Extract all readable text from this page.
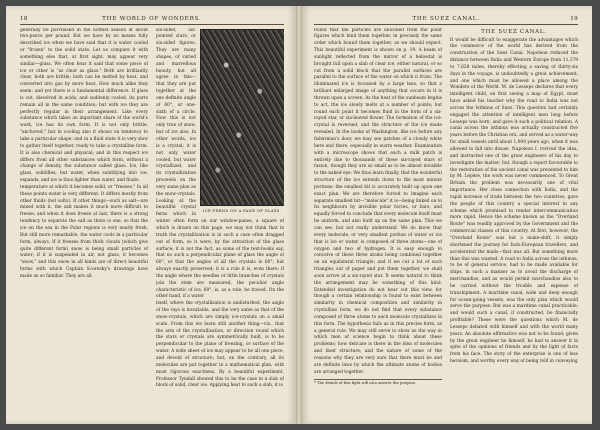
18	THE WORLD OF WONDERS.

generally be purchased in the hottest season at about two-pence per pound. But we have by no means fully described ice when we have said that it is water cooled or "frozen" to the solid state. Let us compare it with something else that, at first sight, may appear very similar—glass. We often hear it said that some piece of ice or other is "as clear as glass." Both are brilliantly clear; both are brittle; both can be melted by heat, and converted into gas by more heat. How much alike they seem; and yet there is a fundamental difference. If glass is cut, dissolved in acids, and suddenly cooled, its parts remain all in the same condition; but with ice they are perfectly regular in their arrangement. Like every substance which takes an important share of the world's work, ice has its own form. It is not only brittle, "anchored," but in cooling also it shows on tendency to take a particular shape; and in a fluid state it is very slow to gather itself together, ready to take a crystalline form. It is also chemical and physical; and in this respect ice differs from all other substances which form, without a change of density, the substance called glass. Ice, like glass, solidifies; but water, when solidifying into ice, expands; and ice is thus lighter than water, and floats.

temperature at which it becomes solid, or "freezes." In all these points water is very different. It differs mostly from other fluids (not salts). If other things—such as salt—are mixed with it, the salt makes it much more difficult to freeze; and when it does freeze at last, there is a strong tendency to separate the salt as there is one, so that the ice on the sea in the Polar regions is very nearly fresh. But still more remarkable, the water cools in a particular form, always. If it freezes from thick clouds (which give quite different form) snow is being small particles of water; if it is suspended in air, not glass, it becomes "snow," and this snow in all kinds are of direct beautiful forms with which Captain Scoresby's drawings have made us so familiar. They are all

ICE-FERNS ON A PANE OF GLASS.
six-sided, six-pointed stars, or six-sided figures. They are many shapes, of varied and marvellous beauty, but all agree in this—that they are put together at the one definite angle of 60°, or one-sixth of a circle. Now this is not only true of snow, but of ice also. In other words, ice is a crystal; it is not only water cooled, but water crystallized, and its crystallization proceeds on the very same plan as the snow-crystals. Looking at the beautiful crystal ferns which in winter often form on our window-panes, a square of which is drawn on this page, we may not think that in truth the crystallization is in such a case often dragged out of form, so it were, by the attraction of the glass surface; it is not the fact, as some of the text-books say, that no such a perpendicular plane of glass the angle of 60°, or that the angles of all the crystals is 60°; but always exactly preserved; it is a rule it is, even there: if the angle where the needles or little branches of crystals join the stem are measured, the peculiar angle characteristic of ice, 60°, is, as a rule, be traced. On the other hand, if a water

itself, where the crystallisation is undisturbed, the angle of the rays is invariable, and the very same as that of the snow-crystals, which are simply ice-crystals on a small scale. From this we learn still another thing—viz., that the arm of the crystallisation, or direction round which the stars or crystals are symmetrically built, is to be perpendicular to the plane of freezing, or surface of the water. A wide sheet of ice may appear to be all one piece, and devoid of structure; but, on the contrary, all its molecules are put together in a mathematical plan, with most rigorous exactness. By a beautiful experiment, Professor Tyndall showed this to be the case in a slab of block of solid, clear ice. Applying heat to such a slab, it is

THE SUEZ CANAL.	19

found that the particles are unlocked from the polar figures which bind them together, in precisely the same order which bound them together, as we should expect. This beautiful experiment is shown on p. 19. A beam of sunlight reflected from the mirror of a heliostat is brought full upon a slab of clear ice, either natural, or so cut from a solid block that the parallel surfaces are parallel to the surface of the water on which it froze. The illuminated ice is focussed by a large lens, so that a brilliant enlarged image of anything that occurs in it is thrown upon a screen. As the heat of the sunbeam begins to act, the ice slowly melts at a number of points; but round each point it becomes fluid in the form of a six-rayed star, or six-leaved flower. The formation of the ice-crystal is reversed, and the structure of the ice made revealed. In the books of Washington, like ice before any fisherman's door, we may see patches of a cloudy white here and there, especially in warm weather. Examination with a microscope shows that each a milk patch is entirely due to thousands of these six-rayed stars of fusion, though they are so small as to be almost invisible to the naked eye. We thus learn finally, that the wonderful structure of the ice extends down to the most minute portions: the smallest bit is accurately built up upon one exact plan. We are therefore forced to imagine each separate smallest bit—"molecule" it is—being linked on to its neighbours by invisible polar forces, or bars; and equally forced to conclude that every molecule itself must be uniform, and also built up on the same plan. This we can see, but not really understand. We do know that every molecule, or very smallest portion of water or ice that is ice or water, is composed of three atoms—one of oxygen and two of hydrogen. It is easy enough to conceive of these three atoms being combined together on an equilateral triangle; and if we cut a lot of such triangles out of paper and put them together, we shall soon arrive at a six-rayed star. It seems natural to think the arrangement may be something of this kind. Extended investigation do not bear out this view, for though a certain relationship is found to exist between similarity in chemical composition and similarity in crystalline form, we do not find that every substance composed of three atoms to each molecule crystallizes in this form. The hypothesis fails us in this precise form, as a general rule. We may still serve to show us the way in which men of science begin to think about these problems; how delicate is there in the idea of molecules and their structure; and the nature of some of the reasons why they are very sure that there must be and are definite laws by which the ultimate atoms of bodies are arranged together.

* The details of this fight will also answer the purpose.
THE SUEZ CANAL.

It would be difficult to exaggerate the advantages which the commerce of the world has derived from the construction of the Suez Canal. Napoleon reduced the distance between India and Western Europe from 11,379 to 7,628 miles, thereby effecting a saving of thirty-six days in the voyage, is undoubtedly a great achievement, and one which must be allowed a place among the Wonders of the World. M. de Lesseps declares that every intelligent child, on first seeing a map of Egypt, must have asked his teacher why the road to India was not across the Isthmus of Suez. This question had certainly engaged the attention of intelligent men long before Lesseps was born, and gave it such a political relation. A canal across the isthmus was actually constructed five years before the Christian era, and served as a water-way for small vessels until about 1,000 years ago, when it was allowed to fall into disuse. Napoleon I. revived the idea, and instructed one of the great engineers of his day to investigate the matter; but, though a report favourable to the restoration of the ancient canal was presented to him by M. Lepère, the work was never commenced. To Great Britain the problem was necessarily one of vital importance. Her close connection with India, and the rapid increase of trade between the two countries, gave the people of this country a special interest in any scheme which promised to render intercommunication more rapid. Hence the scheme known as the "Overland Route" was readily approved by the Government and the commercial classes of this country. At first, however, the "Overland Route" was but a make-shift; it simply shortened the journey for Indo-European travellers, and accelerated the mails—that was all. But something more than this was wanted. A road to India across the isthmus, to be of general service, had to be made available for ships, in such a manner as to avoid the discharge of merchandise, and as would permit merchandise also to be carried without the trouble and expense of transhipment. A maritime canal, wide and deep enough for ocean-going vessels, was the only plan which would serve the purpose. But was a maritime canal practicable; and would such a canal, if constructed, be financially profitable? These were the questions which M. de Lesseps debated with himself and with the world many years. An absolute affirmative was not to be found; given by the great engineer he himself, he had to answer it in spite of the opinions of friends and by the light of facts from his face. The story of the enterprise is one of less heroism, and worthy every way of being told in conveying
